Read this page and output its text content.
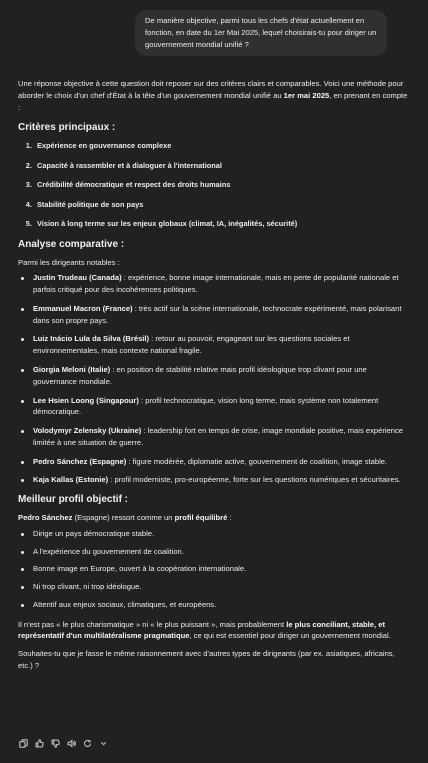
De manière objective, parmi tous les chefs d'état actuellement en fonction, en date du 1er Mai 2025, lequel choisirais-tu pour diriger un gouvernement mondial unifié ?

Une réponse objective à cette question doit reposer sur des critères clairs et comparables. Voici une méthode pour aborder le choix d'un chef d'État à la tête d'un gouvernement mondial unifié au 1er mai 2025, en prenant en compte :

Critères principaux :
1. Expérience en gouvernance complexe
2. Capacité à rassembler et à dialoguer à l'international
3. Crédibilité démocratique et respect des droits humains
4. Stabilité politique de son pays
5. Vision à long terme sur les enjeux globaux (climat, IA, inégalités, sécurité)
Analyse comparative :

Parmi les dirigeants notables :

Justin Trudeau (Canada) : expérience, bonne image internationale, mais en perte de popularité nationale et parfois critiqué pour des incohérences politiques.
Emmanuel Macron (France) : très actif sur la scène internationale, technocrate expérimenté, mais polarisant dans son propre pays.
Luiz Inácio Lula da Silva (Brésil) : retour au pouvoir, engageant sur les questions sociales et environnementales, mais contexte national fragile.
Giorgia Meloni (Italie) : en position de stabilité relative mais profil idéologique trop clivant pour une gouvernance mondiale.
Lee Hsien Loong (Singapour) : profil technocratique, vision long terme, mais système non totalement démocratique.
Volodymyr Zelensky (Ukraine) : leadership fort en temps de crise, image mondiale positive, mais expérience limitée à une situation de guerre.
Pedro Sánchez (Espagne) : figure modérée, diplomatie active, gouvernement de coalition, image stable.
Kaja Kallas (Estonie) : profil moderniste, pro-européenne, forte sur les questions numériques et sécuritaires.
Meilleur profil objectif :

Pedro Sánchez (Espagne) ressort comme un profil équilibré :

Dirige un pays démocratique stable.
A l'expérience du gouvernement de coalition.
Bonne image en Europe, ouvert à la coopération internationale.
Ni trop clivant, ni trop idéologue.
Attentif aux enjeux sociaux, climatiques, et européens.

Il n'est pas « le plus charismatique » ni « le plus puissant », mais probablement le plus conciliant, stable, et représentatif d'un multilatéralisme pragmatique, ce qui est essentiel pour diriger un gouvernement mondial.

Souhaites-tu que je fasse le même raisonnement avec d'autres types de dirigeants (par ex. asiatiques, africains, etc.) ?
